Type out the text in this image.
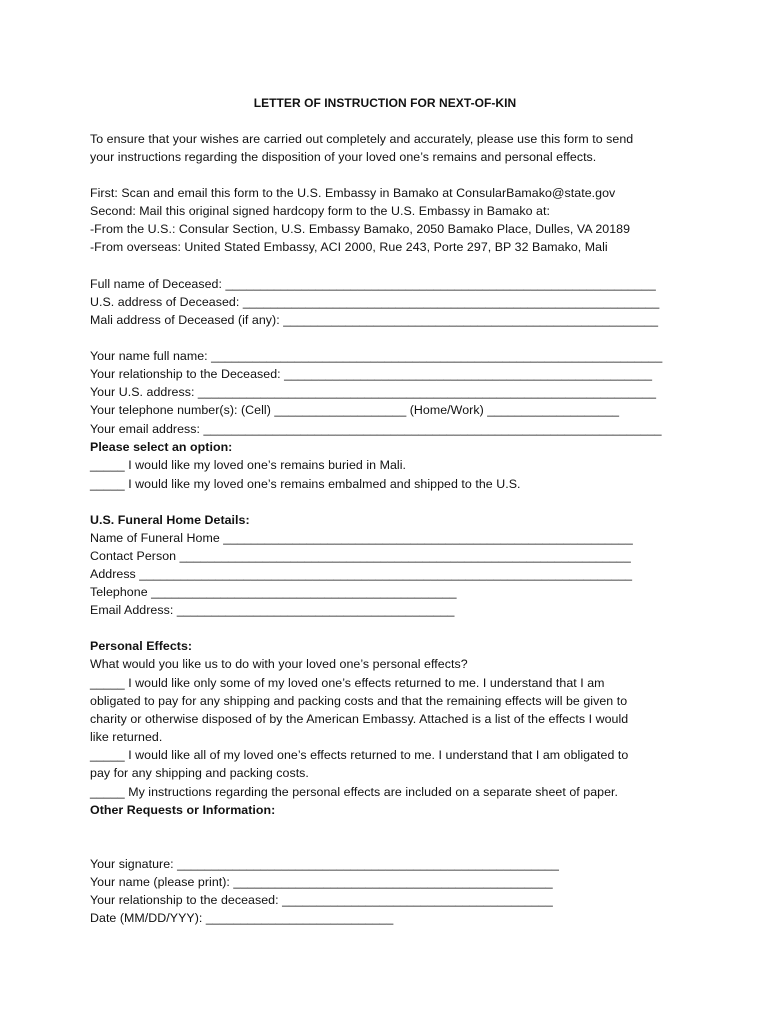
LETTER OF INSTRUCTION FOR NEXT-OF-KIN

To ensure that your wishes are carried out completely and accurately, please use this form to send

your instructions regarding the disposition of your loved one’s remains and personal effects.

First: Scan and email this form to the U.S. Embassy in Bamako at ConsularBamako@state.gov

Second: Mail this original signed hardcopy form to the U.S. Embassy in Bamako at:

-From the U.S.: Consular Section, U.S. Embassy Bamako, 2050 Bamako Place, Dulles, VA 20189

-From overseas: United Stated Embassy, ACI 2000, Rue 243, Porte 297, BP 32 Bamako, Mali

Full name of Deceased: ______________________________________________________________

U.S. address of Deceased: ____________________________________________________________

Mali address of Deceased (if any): ______________________________________________________

Your name full name: _________________________________________________________________

Your relationship to the Deceased: _____________________________________________________

Your U.S. address: __________________________________________________________________

Your telephone number(s): (Cell) ___________________ (Home/Work) ___________________

Your email address: __________________________________________________________________

Please select an option:

_____ I would like my loved one’s remains buried in Mali.

_____ I would like my loved one’s remains embalmed and shipped to the U.S.

U.S. Funeral Home Details:

Name of Funeral Home ___________________________________________________________

Contact Person _________________________________________________________________

Address _______________________________________________________________________

Telephone ____________________________________________

Email Address: ________________________________________

Personal Effects:

What would you like us to do with your loved one’s personal effects?

_____ I would like only some of my loved one’s effects returned to me. I understand that I am

obligated to pay for any shipping and packing costs and that the remaining effects will be given to

charity or otherwise disposed of by the American Embassy. Attached is a list of the effects I would

like returned.

_____ I would like all of my loved one’s effects returned to me. I understand that I am obligated to

pay for any shipping and packing costs.

_____ My instructions regarding the personal effects are included on a separate sheet of paper.

Other Requests or Information:

Your signature: _______________________________________________________

Your name (please print): ______________________________________________

Your relationship to the deceased: _______________________________________

Date (MM/DD/YYY): ___________________________
